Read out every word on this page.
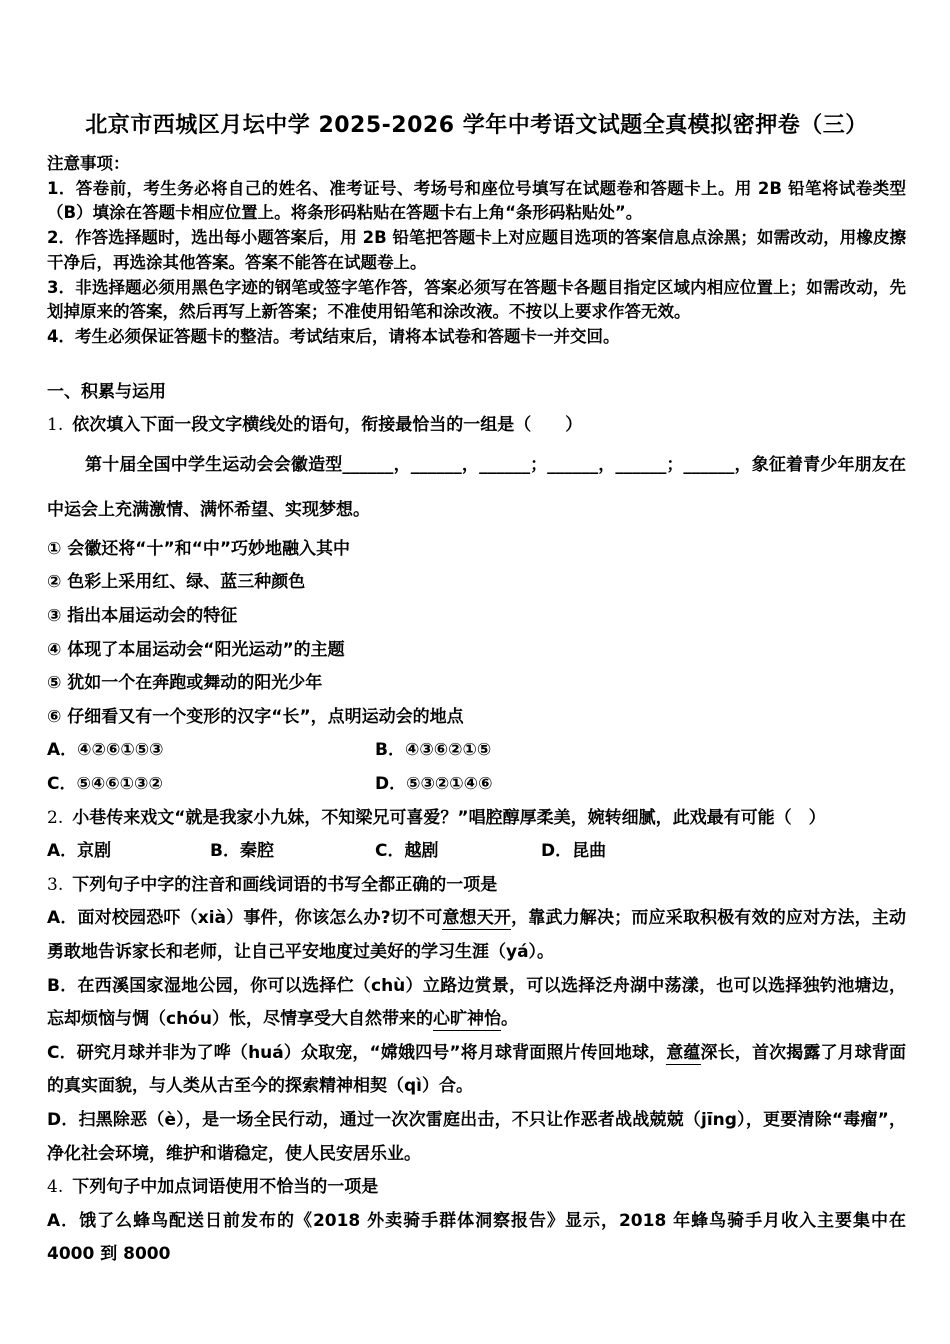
北京市西城区月坛中学 2025-2026 学年中考语文试题全真模拟密押卷（三）

注意事项：

1．答卷前，考生务必将自己的姓名、准考证号、考场号和座位号填写在试题卷和答题卡上。用 2B 铅笔将试卷类型（B）填涂在答题卡相应位置上。将条形码粘贴在答题卡右上角“条形码粘贴处”。

2．作答选择题时，选出每小题答案后，用 2B 铅笔把答题卡上对应题目选项的答案信息点涂黑；如需改动，用橡皮擦干净后，再选涂其他答案。答案不能答在试题卷上。

3．非选择题必须用黑色字迹的钢笔或签字笔作答，答案必须写在答题卡各题目指定区域内相应位置上；如需改动，先划掉原来的答案，然后再写上新答案；不准使用铅笔和涂改液。不按以上要求作答无效。

4．考生必须保证答题卡的整洁。考试结束后，请将本试卷和答题卡一并交回。

一、积累与运用
1. 依次填入下面一段文字横线处的语句，衔接最恰当的一组是（　　）

第十届全国中学生运动会会徽造型______，______，______；______，______；______，象征着青少年朋友在中运会上充满激情、满怀希望、实现梦想。

① 会徽还将“十”和“中”巧妙地融入其中
② 色彩上采用红、绿、蓝三种颜色
③ 指出本届运动会的特征
④ 体现了本届运动会“阳光运动”的主题
⑤ 犹如一个在奔跑或舞动的阳光少年
⑥ 仔细看又有一个变形的汉字“长”，点明运动会的地点
A．④②⑥①⑤③	B．④③⑥②①⑤
C．⑤④⑥①③②	D．⑤③②①④⑥
2. 小巷传来戏文“就是我家小九妹，不知梁兄可喜爱？”唱腔醇厚柔美，婉转细腻，此戏最有可能（　）
A．京剧	B．秦腔	C．越剧	D．昆曲
3. 下列句子中字的注音和画线词语的书写全都正确的一项是

A．面对校园恐吓（xià）事件，你该怎么办?切不可意想天开，靠武力解决；而应采取积极有效的应对方法，主动勇敢地告诉家长和老师，让自己平安地度过美好的学习生涯（yá）。

B．在西溪国家湿地公园，你可以选择伫（chù）立路边赏景，可以选择泛舟湖中荡漾，也可以选择独钓池塘边，忘却烦恼与惆（chóu）怅，尽情享受大自然带来的心旷神怡。

C．研究月球并非为了哗（huá）众取宠，“嫦娥四号”将月球背面照片传回地球，意蕴深长，首次揭露了月球背面的真实面貌，与人类从古至今的探索精神相契（qì）合。

D．扫黑除恶（è），是一场全民行动，通过一次次雷庭出击，不只让作恶者战战兢兢（jīng），更要清除“毒瘤”，净化社会环境，维护和谐稳定，使人民安居乐业。

4. 下列句子中加点词语使用不恰当的一项是

A．饿了么蜂鸟配送日前发布的《2018 外卖骑手群体洞察报告》显示，2018 年蜂鸟骑手月收入主要集中在 4000 到 8000
